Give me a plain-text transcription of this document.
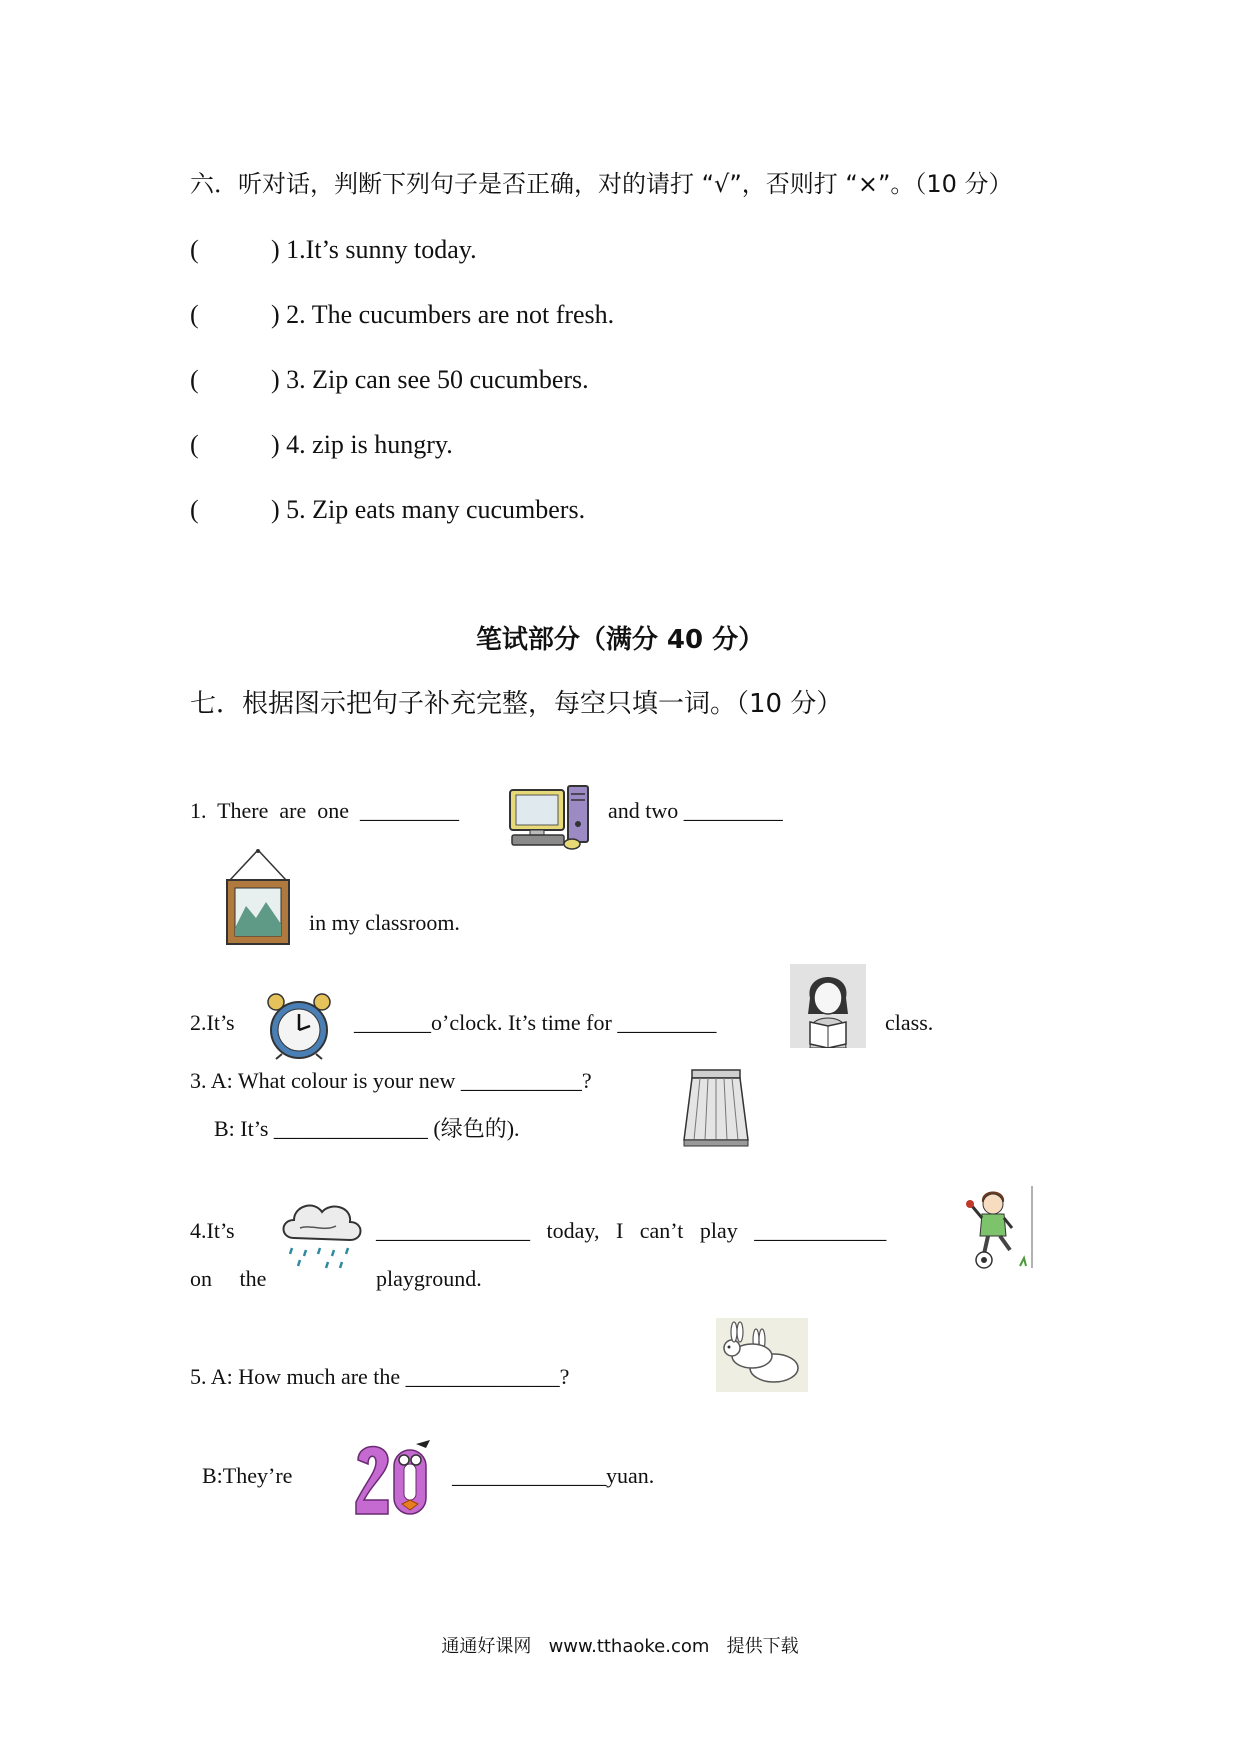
六．听对话，判断下列句子是否正确，对的请打 “√”，否则打 “×”。（10 分）
(	) 1.It’s sunny today.
(	) 2. The cucumbers are not fresh.
(	) 3. Zip can see 50 cucumbers.
(	) 4. zip is hungry.
(	) 5. Zip eats many cucumbers.
笔试部分（满分 40 分）
七．根据图示把句子补充完整，每空只填一词。（10 分）
1.  There  are  one  _________	and two _________
in my classroom.
2.It’s	_______o’clock. It’s time for _________	class.
3. A: What colour is your new ___________?
B: It’s ______________ (绿色的).
4.It’s	______________   today,   I   can’t   play   ____________
on     the	playground.
5. A: How much are the ______________?
B:They’re	______________yuan.
通通好课网   www.tthaoke.com   提供下载
